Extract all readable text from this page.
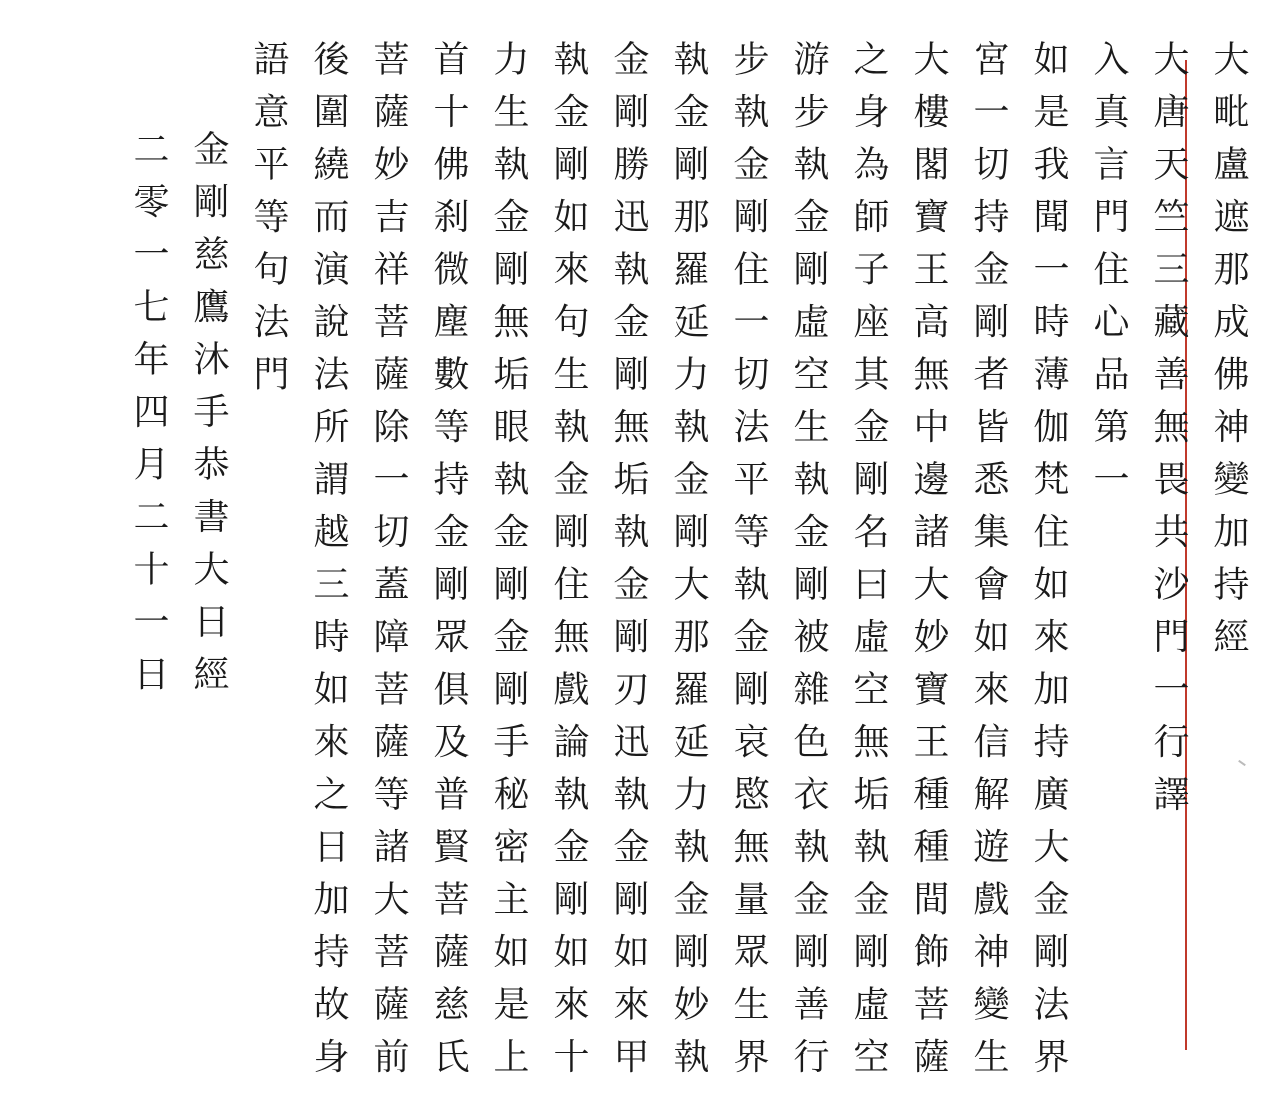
大毗盧遮那成佛神變加持經
大唐天竺三藏善無畏共沙門一行譯
入真言門住心品第一
如是我聞一時薄伽梵住如來加持廣大金剛法界
宮一切持金剛者皆悉集會如來信解遊戲神變生
大樓閣寶王高無中邊諸大妙寶王種種間飾菩薩
之身為師子座其金剛名曰虛空無垢執金剛虛空
游步執金剛虛空生執金剛被雜色衣執金剛善行
步執金剛住一切法平等執金剛哀愍無量眾生界
執金剛那羅延力執金剛大那羅延力執金剛妙執
金剛勝迅執金剛無垢執金剛刃迅執金剛如來甲
執金剛如來句生執金剛住無戲論執金剛如來十
力生執金剛無垢眼執金剛金剛手秘密主如是上
首十佛刹微塵數等持金剛眾俱及普賢菩薩慈氏
菩薩妙吉祥菩薩除一切蓋障菩薩等諸大菩薩前
後圍繞而演說法所謂越三時如來之日加持故身
語意平等句法門
金剛慈鷹沐手恭書大日經
二零一七年四月二十一日
